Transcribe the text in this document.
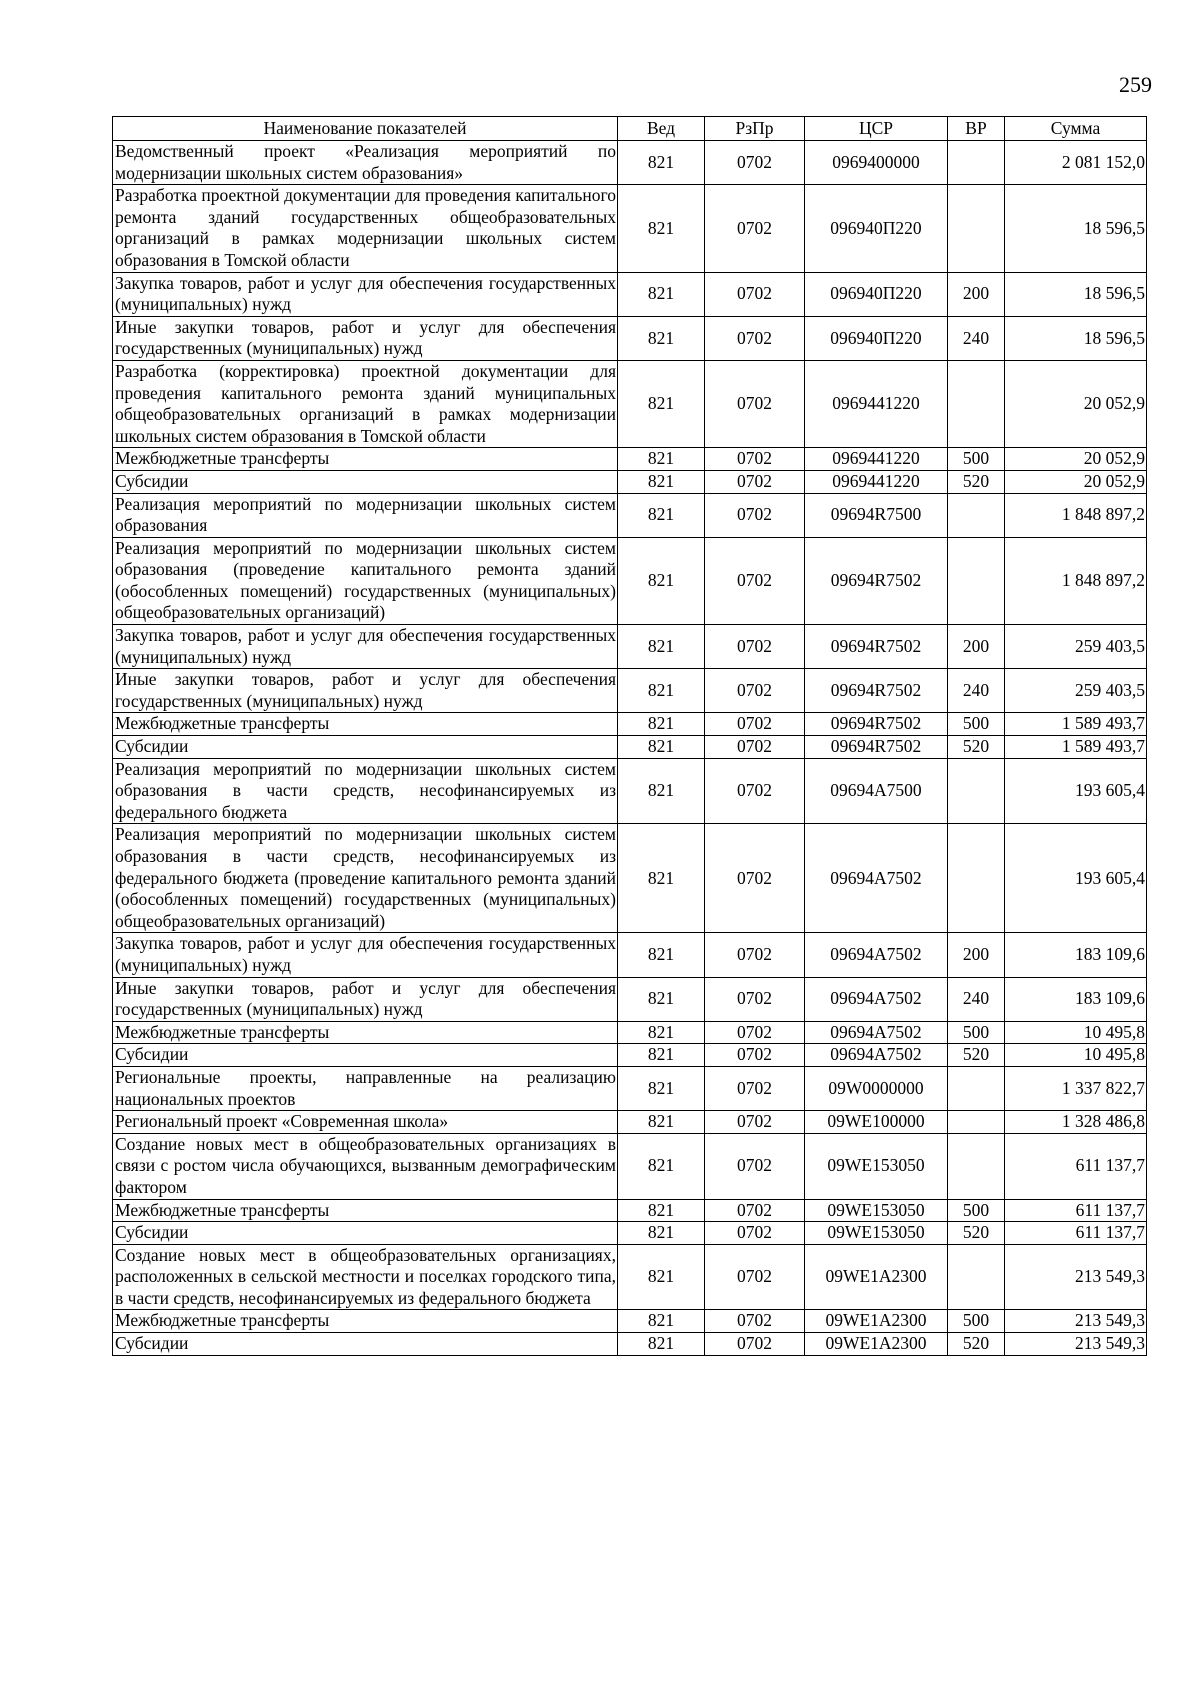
259
Наименование показателей	Вед	РзПр	ЦСР	ВР	Сумма
Ведомственный проект «Реализация мероприятий по модернизации школьных систем образования»	821	0702	0969400000		2 081 152,0
Разработка проектной документации для проведения капитального ремонта зданий государственных общеобразовательных организаций в рамках модернизации школьных систем образования в Томской области	821	0702	096940П220		18 596,5
Закупка товаров, работ и услуг для обеспечения государственных (муниципальных) нужд	821	0702	096940П220	200	18 596,5
Иные закупки товаров, работ и услуг для обеспечения государственных (муниципальных) нужд	821	0702	096940П220	240	18 596,5
Разработка (корректировка) проектной документации для проведения капитального ремонта зданий муниципальных общеобразовательных организаций в рамках модернизации школьных систем образования в Томской области	821	0702	0969441220		20 052,9
Межбюджетные трансферты	821	0702	0969441220	500	20 052,9
Субсидии	821	0702	0969441220	520	20 052,9
Реализация мероприятий по модернизации школьных систем образования	821	0702	09694R7500		1 848 897,2
Реализация мероприятий по модернизации школьных систем образования (проведение капитального ремонта зданий (обособленных помещений) государственных (муниципальных) общеобразовательных организаций)	821	0702	09694R7502		1 848 897,2
Закупка товаров, работ и услуг для обеспечения государственных (муниципальных) нужд	821	0702	09694R7502	200	259 403,5
Иные закупки товаров, работ и услуг для обеспечения государственных (муниципальных) нужд	821	0702	09694R7502	240	259 403,5
Межбюджетные трансферты	821	0702	09694R7502	500	1 589 493,7
Субсидии	821	0702	09694R7502	520	1 589 493,7
Реализация мероприятий по модернизации школьных систем образования в части средств, несофинансируемых из федерального бюджета	821	0702	09694А7500		193 605,4
Реализация мероприятий по модернизации школьных систем образования в части средств, несофинансируемых из федерального бюджета (проведение капитального ремонта зданий (обособленных помещений) государственных (муниципальных) общеобразовательных организаций)	821	0702	09694А7502		193 605,4
Закупка товаров, работ и услуг для обеспечения государственных (муниципальных) нужд	821	0702	09694А7502	200	183 109,6
Иные закупки товаров, работ и услуг для обеспечения государственных (муниципальных) нужд	821	0702	09694А7502	240	183 109,6
Межбюджетные трансферты	821	0702	09694А7502	500	10 495,8
Субсидии	821	0702	09694А7502	520	10 495,8
Региональные проекты, направленные на реализацию национальных проектов	821	0702	09W0000000		1 337 822,7
Региональный проект «Современная школа»	821	0702	09WE100000		1 328 486,8
Создание новых мест в общеобразовательных организациях в связи с ростом числа обучающихся, вызванным демографическим фактором	821	0702	09WE153050		611 137,7
Межбюджетные трансферты	821	0702	09WE153050	500	611 137,7
Субсидии	821	0702	09WE153050	520	611 137,7
Создание новых мест в общеобразовательных организациях, расположенных в сельской местности и поселках городского типа, в части средств, несофинансируемых из федерального бюджета	821	0702	09WE1A2300		213 549,3
Межбюджетные трансферты	821	0702	09WE1A2300	500	213 549,3
Субсидии	821	0702	09WE1A2300	520	213 549,3
